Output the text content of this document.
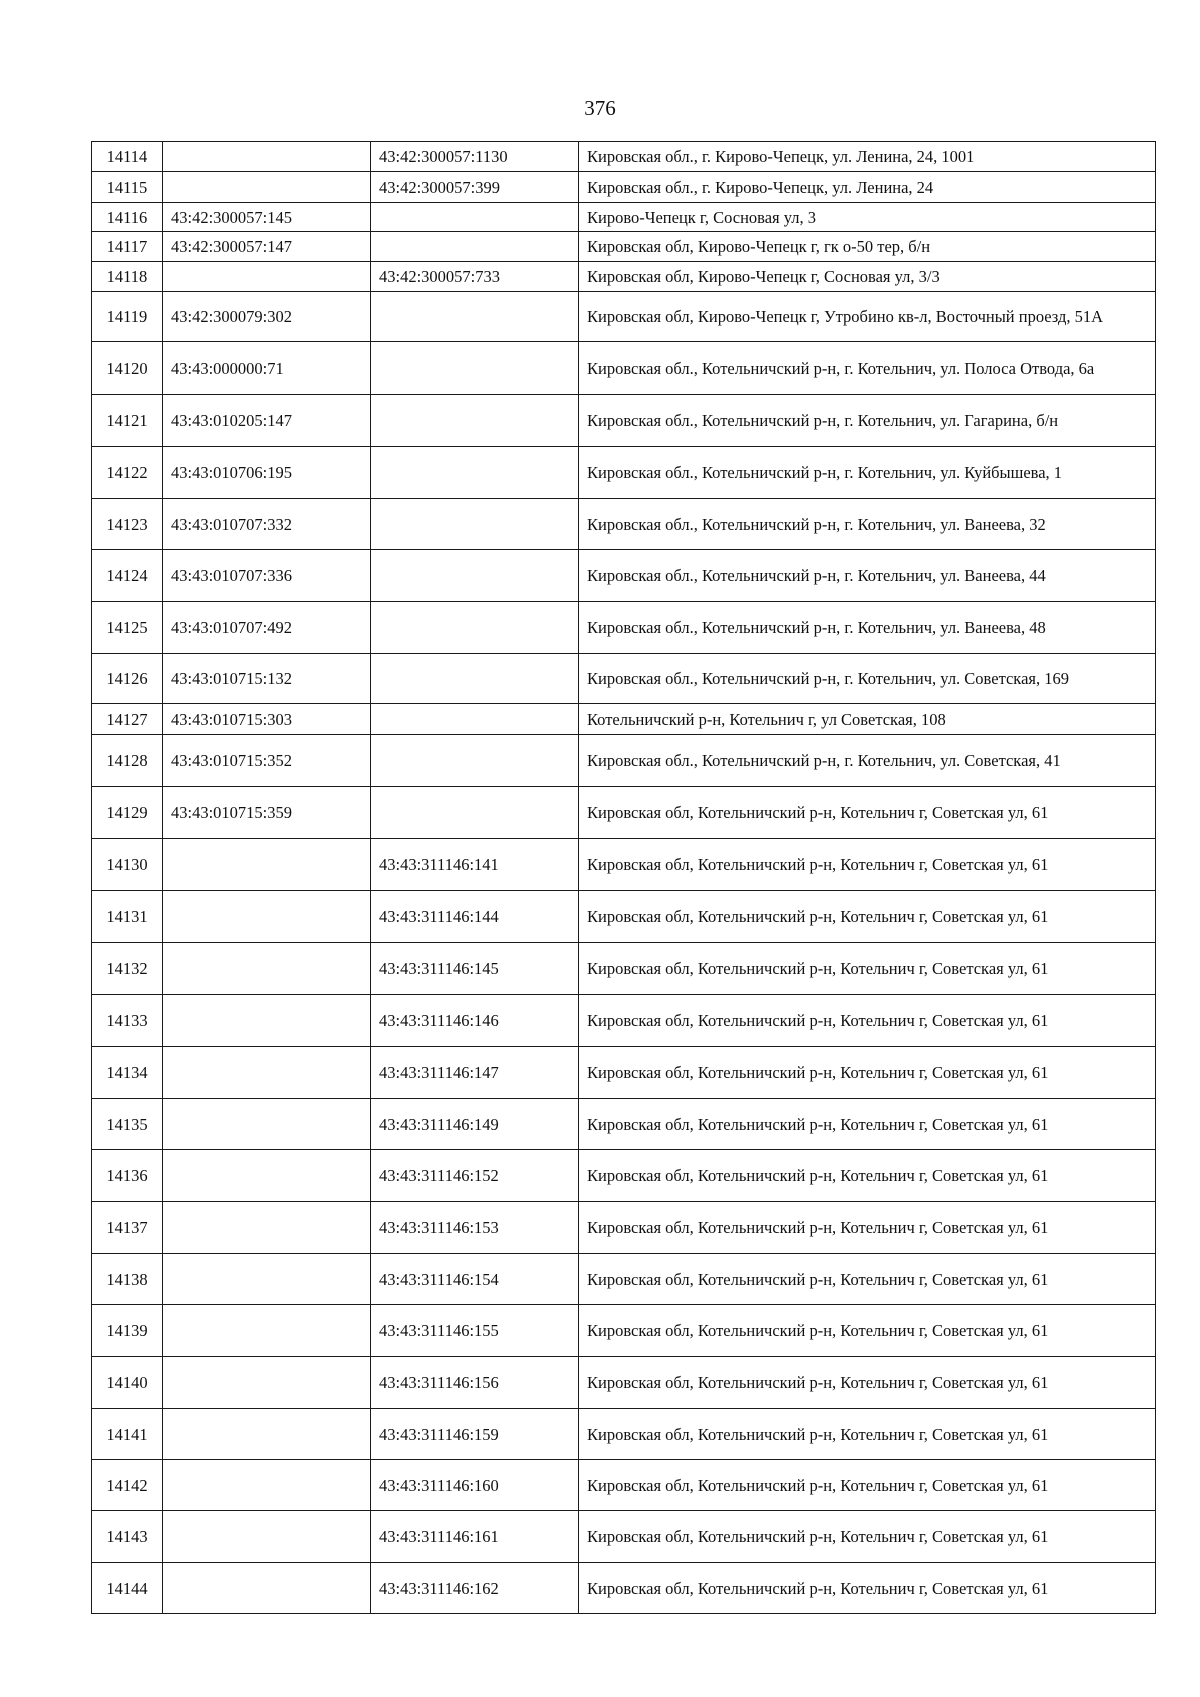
376
14114		43:42:300057:1130	Кировская обл., г. Кирово-Чепецк, ул. Ленина, 24, 1001
14115		43:42:300057:399	Кировская обл., г. Кирово-Чепецк, ул. Ленина, 24
14116	43:42:300057:145		Кирово-Чепецк г, Сосновая ул, 3
14117	43:42:300057:147		Кировская обл, Кирово-Чепецк г, гк о-50 тер, б/н
14118		43:42:300057:733	Кировская обл, Кирово-Чепецк г, Сосновая ул, 3/3
14119	43:42:300079:302		Кировская обл, Кирово-Чепецк г, Утробино кв-л, Восточный проезд, 51А
14120	43:43:000000:71		Кировская обл., Котельничский р-н, г. Котельнич, ул. Полоса Отвода, 6а
14121	43:43:010205:147		Кировская обл., Котельничский р-н, г. Котельнич, ул. Гагарина, б/н
14122	43:43:010706:195		Кировская обл., Котельничский р-н, г. Котельнич, ул. Куйбышева, 1
14123	43:43:010707:332		Кировская обл., Котельничский р-н, г. Котельнич, ул. Ванеева, 32
14124	43:43:010707:336		Кировская обл., Котельничский р-н, г. Котельнич, ул. Ванеева, 44
14125	43:43:010707:492		Кировская обл., Котельничский р-н, г. Котельнич, ул. Ванеева, 48
14126	43:43:010715:132		Кировская обл., Котельничский р-н, г. Котельнич, ул. Советская, 169
14127	43:43:010715:303		Котельничский р-н, Котельнич г, ул Советская, 108
14128	43:43:010715:352		Кировская обл., Котельничский р-н, г. Котельнич, ул. Советская, 41
14129	43:43:010715:359		Кировская обл, Котельничский р-н, Котельнич г, Советская ул, 61
14130		43:43:311146:141	Кировская обл, Котельничский р-н, Котельнич г, Советская ул, 61
14131		43:43:311146:144	Кировская обл, Котельничский р-н, Котельнич г, Советская ул, 61
14132		43:43:311146:145	Кировская обл, Котельничский р-н, Котельнич г, Советская ул, 61
14133		43:43:311146:146	Кировская обл, Котельничский р-н, Котельнич г, Советская ул, 61
14134		43:43:311146:147	Кировская обл, Котельничский р-н, Котельнич г, Советская ул, 61
14135		43:43:311146:149	Кировская обл, Котельничский р-н, Котельнич г, Советская ул, 61
14136		43:43:311146:152	Кировская обл, Котельничский р-н, Котельнич г, Советская ул, 61
14137		43:43:311146:153	Кировская обл, Котельничский р-н, Котельнич г, Советская ул, 61
14138		43:43:311146:154	Кировская обл, Котельничский р-н, Котельнич г, Советская ул, 61
14139		43:43:311146:155	Кировская обл, Котельничский р-н, Котельнич г, Советская ул, 61
14140		43:43:311146:156	Кировская обл, Котельничский р-н, Котельнич г, Советская ул, 61
14141		43:43:311146:159	Кировская обл, Котельничский р-н, Котельнич г, Советская ул, 61
14142		43:43:311146:160	Кировская обл, Котельничский р-н, Котельнич г, Советская ул, 61
14143		43:43:311146:161	Кировская обл, Котельничский р-н, Котельнич г, Советская ул, 61
14144		43:43:311146:162	Кировская обл, Котельничский р-н, Котельнич г, Советская ул, 61
